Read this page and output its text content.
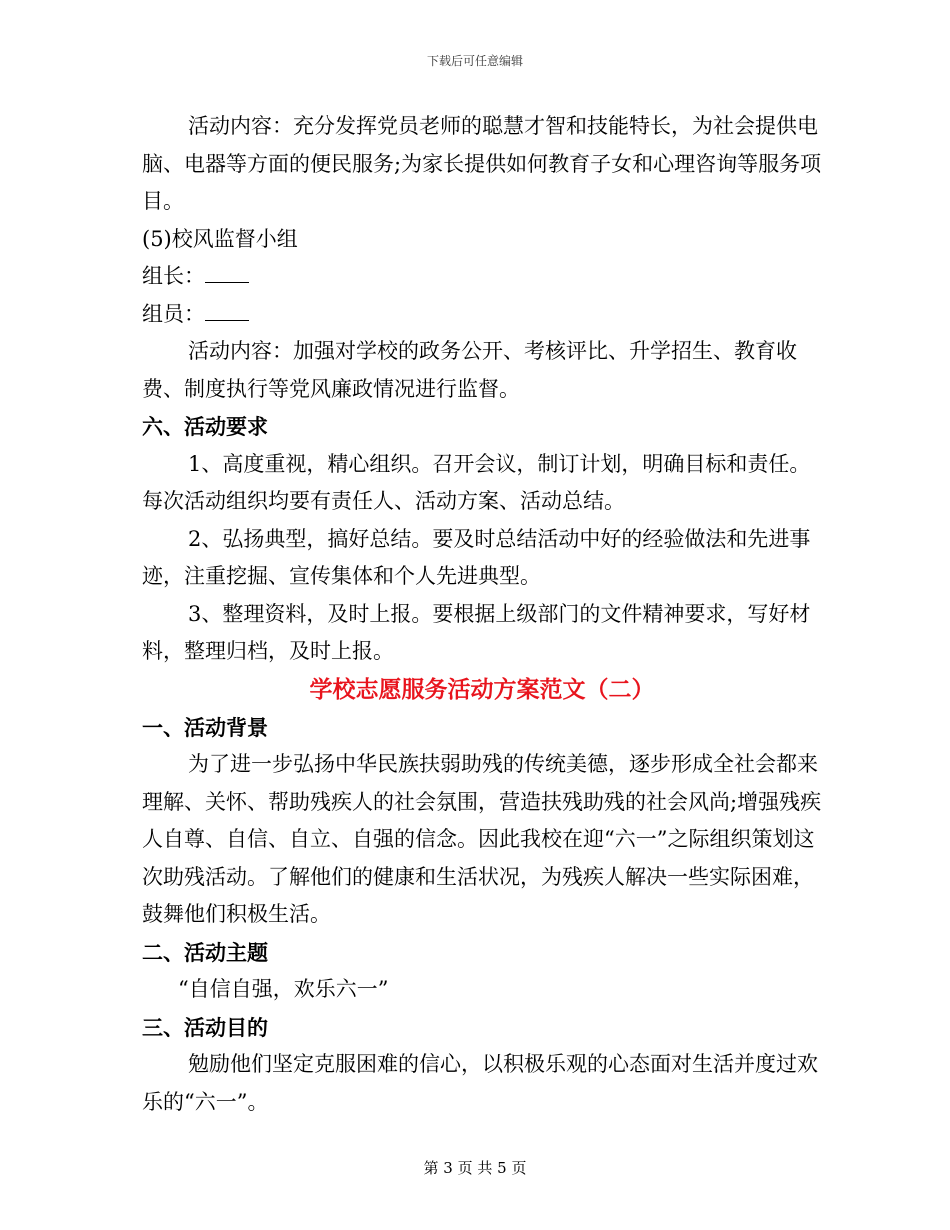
下载后可任意编辑

活动内容：充分发挥党员老师的聪慧才智和技能特长，为社会提供电脑、电器等方面的便民服务;为家长提供如何教育子女和心理咨询等服务项目。

(5)校风监督小组

组长：

组员：

活动内容：加强对学校的政务公开、考核评比、升学招生、教育收费、制度执行等党风廉政情况进行监督。

六、活动要求

1、高度重视，精心组织。召开会议，制订计划，明确目标和责任。每次活动组织均要有责任人、活动方案、活动总结。

2、弘扬典型，搞好总结。要及时总结活动中好的经验做法和先进事迹，注重挖掘、宣传集体和个人先进典型。

3、整理资料，及时上报。要根据上级部门的文件精神要求，写好材料，整理归档，及时上报。

学校志愿服务活动方案范文（二）

一、活动背景

为了进一步弘扬中华民族扶弱助残的传统美德，逐步形成全社会都来理解、关怀、帮助残疾人的社会氛围，营造扶残助残的社会风尚;增强残疾人自尊、自信、自立、自强的信念。因此我校在迎“六一”之际组织策划这次助残活动。了解他们的健康和生活状况，为残疾人解决一些实际困难，鼓舞他们积极生活。

二、活动主题

“自信自强，欢乐六一”

三、活动目的

勉励他们坚定克服困难的信心，以积极乐观的心态面对生活并度过欢乐的“六一”。

第 3 页 共 5 页
